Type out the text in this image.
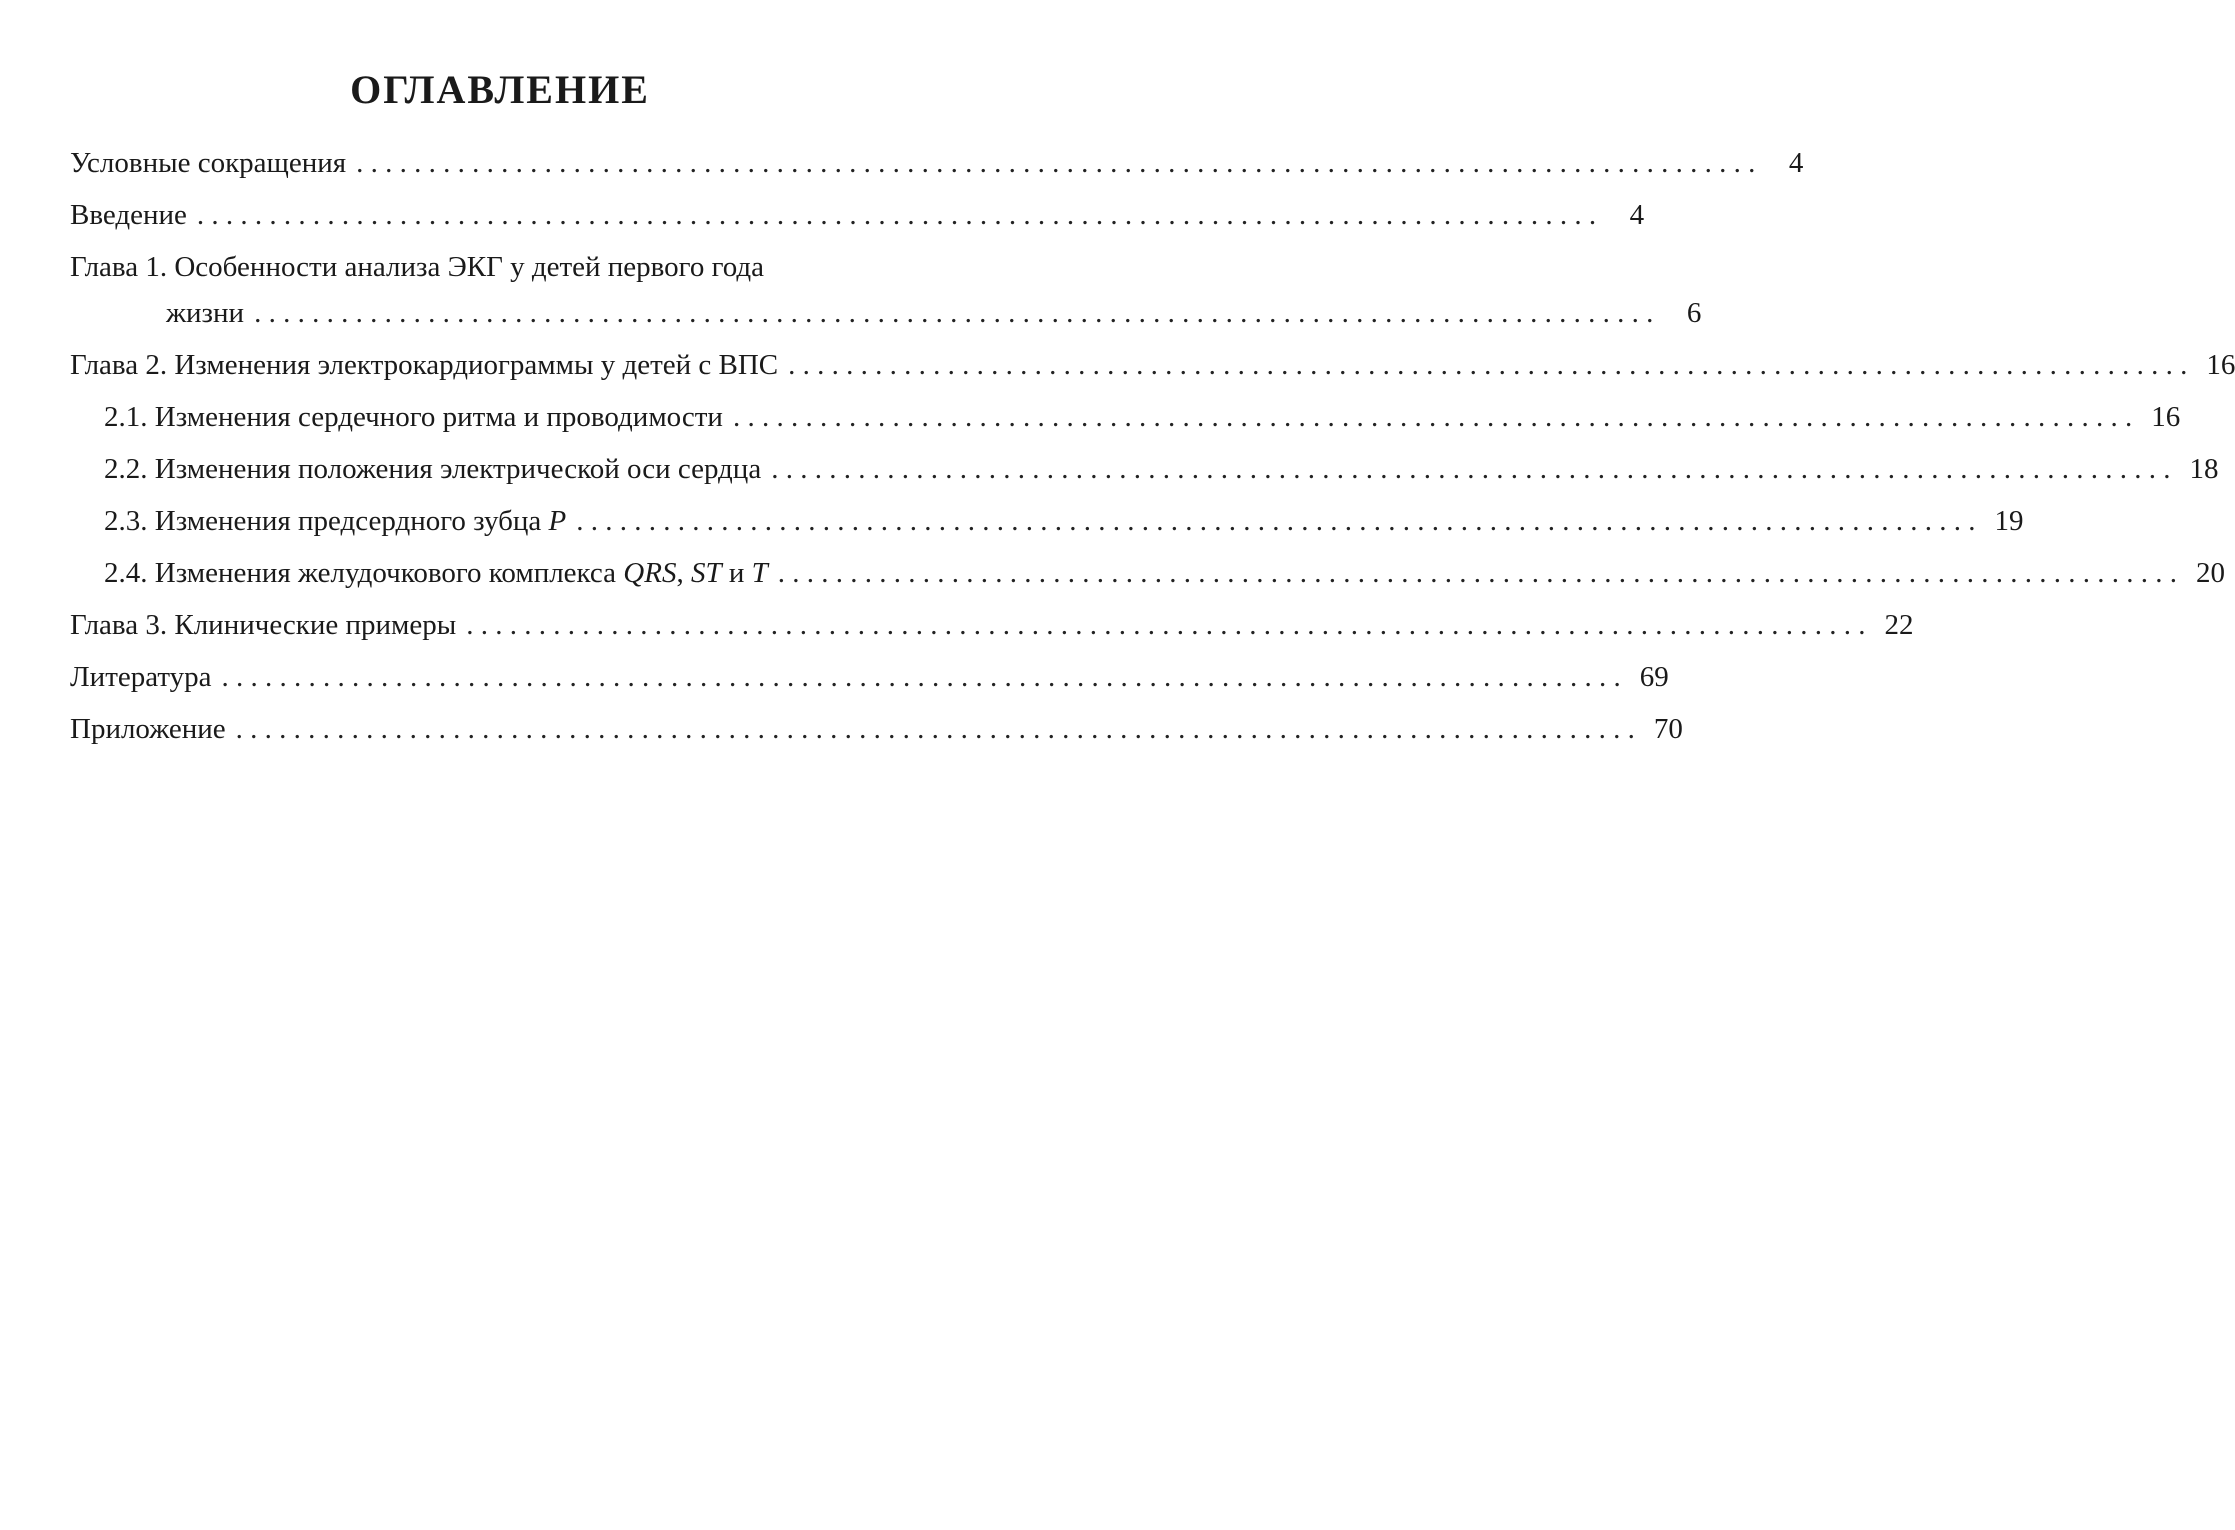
ОГЛАВЛЕНИЕ
Условные сокращения . . .	4
Введение . . .	4
Глава 1. Особенности анализа ЭКГ у детей первого года
жизни . . .	6
Глава 2. Изменения электрокардиограммы у детей с ВПС . . .	16
2.1. Изменения сердечного ритма и проводимости . . .	16
2.2. Изменения положения электрической оси сердца . . .	18
2.3. Изменения предсердного зубца P . . .	19
2.4. Изменения желудочкового комплекса QRS, ST и T . . .	20
Глава 3. Клинические примеры . . .	22
Литература . . .	69
Приложение . . .	70
